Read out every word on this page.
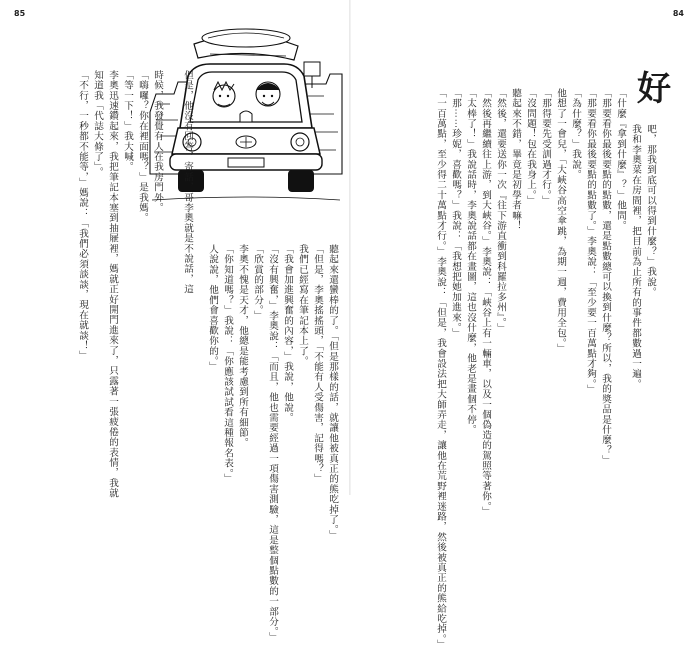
85	84
好
吧，那我到底可以得到什麼？」我說。
我和李奧菜在房間裡，把目前為止所有的事件都數過一遍。
「什麼『拿到什麼』？」他問。
「那要看你最後要點的點數，還是點數總可以換到什麼？所以，我的獎品是什麼？」
「那要看你最後要點的點數了。」李奧說：「至少要一百萬點才夠。」
「為什麼？」我說。
他想了一會兒，「大峽谷高空傘跳，為期一週，費用全包。」
「那得要先受訓過才行。」
「沒問題！包在我身上。」
聽起來不錯，畢竟是初學者嘛！
「然後，還要送你一次『往下游直衝到科羅拉多州』。」
「然後再繼續往上游，到大峽谷。」李奧說：「峽谷上有一輛車，以及一個偽造的駕照等著你。」
「太棒了！」我說話時，李奧說話都在畫圖，這也沒什麼，他老是畫個不停。
「那⋯⋯珍妮，喜歡嗎？」我說：「我想把她加進來。」
「一百萬點，至少得二十萬點才行。」李奧說：「但是，我會設法把大師弄走，讓他在荒野裡迷路，然後被真正的熊給吃掉。」
聽起來還蠻棒的了。「但是那樣的話，就讓他被真正的熊吃掉了。」
「但是，李奧搖搖頭，「不能有人受傷害，記得嗎？」
我們已經寫在筆記本上了。
「我會加進興奮的內容，」我說，他說。
「沒有興奮，」李奧說：「而且，他也需要經過一項傷害測驗，這是整個點數的一部分。」
「欣賞的部分。」
李奧不愧是天才，他總是能考慮到所有細節。
「你知道嗎？」我說：「你應該試試看這種報名表。」
人說說，他們會喜歡你的。」
但是，他沒有回答，寄話，哥李奧就是不說話，這
時候，我發覺有人在我房門外。
「嗨囉？你在裡面嗎？」是我媽。
「等一下！」我大喊。
李奧迅速鑽起來，我把筆記本塞到抽屜裡，媽就正好開門進來了，只露著一張疲倦的表情，我就
知道我「代誌大條了」。
「不行，一秒都不能等，」媽說：「我們必須談談，現在就談！」
